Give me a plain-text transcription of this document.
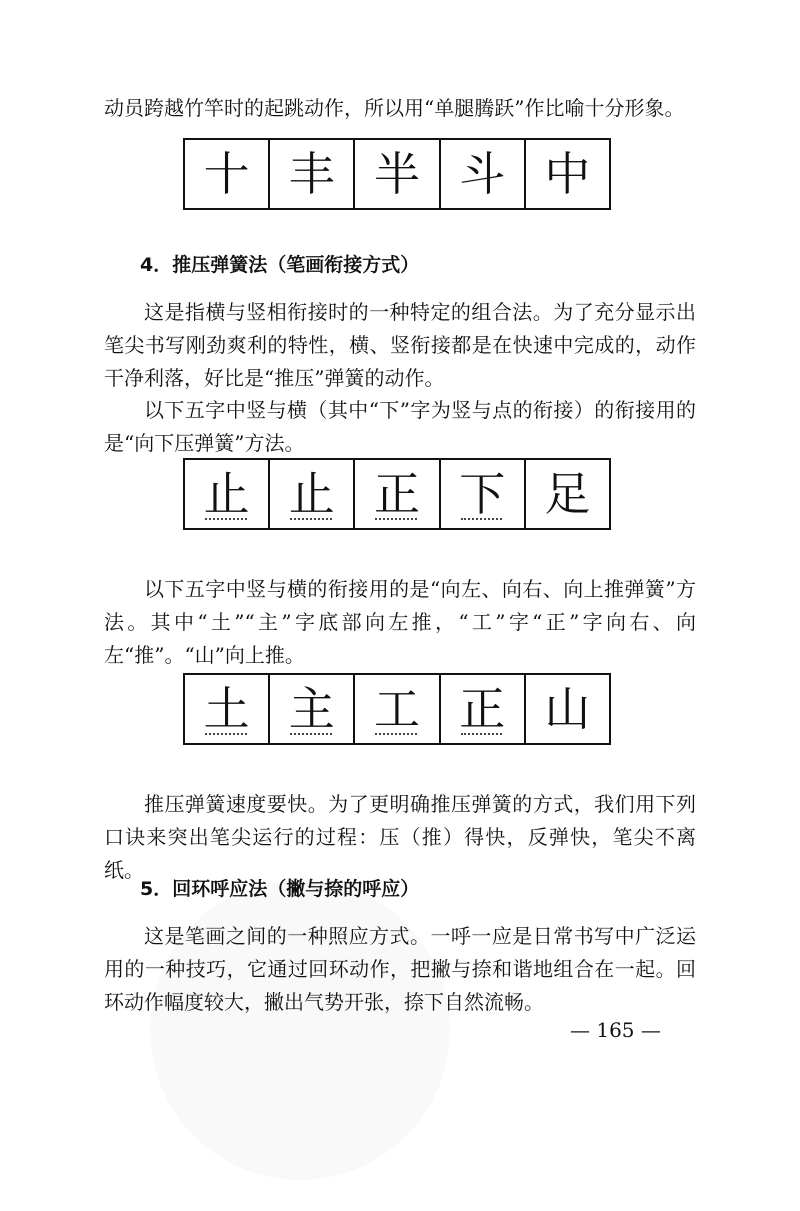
动员跨越竹竿时的起跳动作，所以用“单腿腾跃”作比喻十分形象。

十 丰 半 斗 中

4．推压弹簧法（笔画衔接方式）

这是指横与竖相衔接时的一种特定的组合法。为了充分显示出笔尖书写刚劲爽利的特性，横、竖衔接都是在快速中完成的，动作干净利落，好比是“推压”弹簧的动作。

以下五字中竖与横（其中“下”字为竖与点的衔接）的衔接用的是“向下压弹簧”方法。

止 止 正 下 足

以下五字中竖与横的衔接用的是“向左、向右、向上推弹簧”方法。其中“土”“主”字底部向左推，“工”字“正”字向右、向左“推”。“山”向上推。

土 主 工 正 山

推压弹簧速度要快。为了更明确推压弹簧的方式，我们用下列口诀来突出笔尖运行的过程：压（推）得快，反弹快，笔尖不离纸。

5．回环呼应法（撇与捺的呼应）

这是笔画之间的一种照应方式。一呼一应是日常书写中广泛运用的一种技巧，它通过回环动作，把撇与捺和谐地组合在一起。回环动作幅度较大，撇出气势开张，捺下自然流畅。

— 165 —
